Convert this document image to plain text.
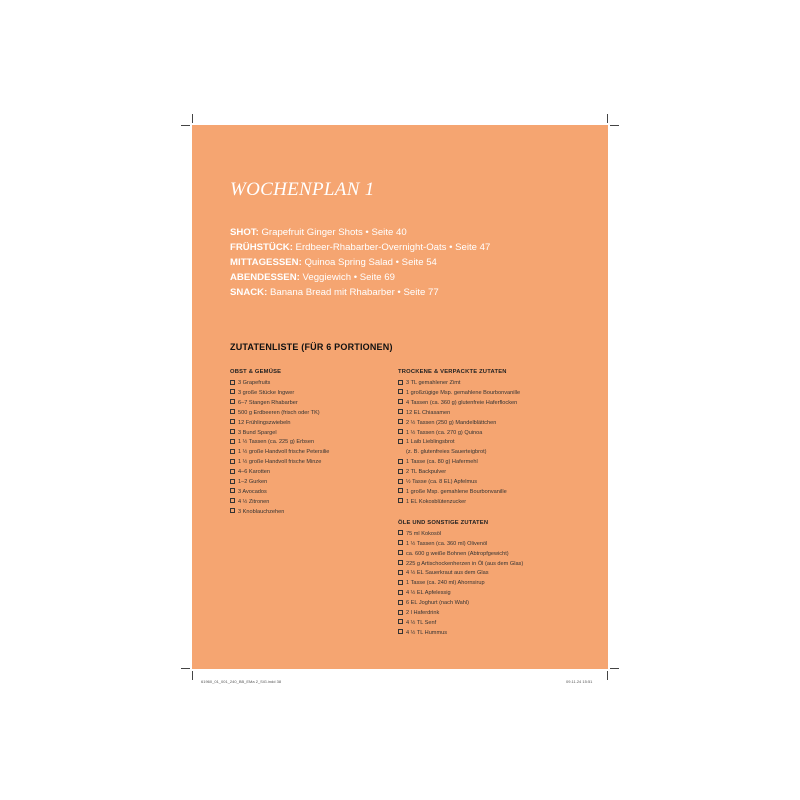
WOCHENPLAN 1
SHOT: Grapefruit Ginger Shots • Seite 40
FRÜHSTÜCK: Erdbeer-Rhabarber-Overnight-Oats • Seite 47
MITTAGESSEN: Quinoa Spring Salad • Seite 54
ABENDESSEN: Veggiewich • Seite 69
SNACK: Banana Bread mit Rhabarber • Seite 77
ZUTATENLISTE (FÜR 6 PORTIONEN)
OBST & GEMÜSE
3 Grapefruits
3 große Stücke Ingwer
6–7 Stangen Rhabarber
500 g Erdbeeren (frisch oder TK)
12 Frühlingszwiebeln
3 Bund Spargel
1 ½ Tassen (ca. 225 g) Erbsen
1 ½ große Handvoll frische Petersilie
1 ½ große Handvoll frische Minze
4–6 Karotten
1–2 Gurken
3 Avocados
4 ½ Zitronen
3 Knoblauchzehen
TROCKENE & VERPACKTE ZUTATEN
3 TL gemahlener Zimt
1 großzügige Msp. gemahlene Bourbonvanille
4 Tassen (ca. 360 g) glutenfreie Haferflocken
12 EL Chiasamen
2 ½ Tassen (250 g) Mandelblättchen
1 ½ Tassen (ca. 270 g) Quinoa
1 Laib Lieblingsbrot
(z. B. glutenfreies Sauerteigbrot)
1 Tasse (ca. 80 g) Hafermehl
2 TL Backpulver
½ Tasse (ca. 8 EL) Apfelmus
1 große Msp. gemahlene Bourbonvanille
1 EL Kokosblütenzucker
ÖLE UND SONSTIGE ZUTATEN
75 ml Kokosöl
1 ½ Tassen (ca. 360 ml) Olivenöl
ca. 600 g weiße Bohnen (Abtropfgewicht)
225 g Artischockenherzen in Öl (aus dem Glas)
4 ½ EL Sauerkraut aus dem Glas
1 Tasse (ca. 240 ml) Ahornsirup
4 ½ EL Apfelessig
6 EL Joghurt (nach Wahl)
2 l Haferdrink
4 ½ TL Senf
4 ½ TL Hummus
61960_01_001_240_BB_EMa 2_SiG.indd 38	09.11.24 15:51
